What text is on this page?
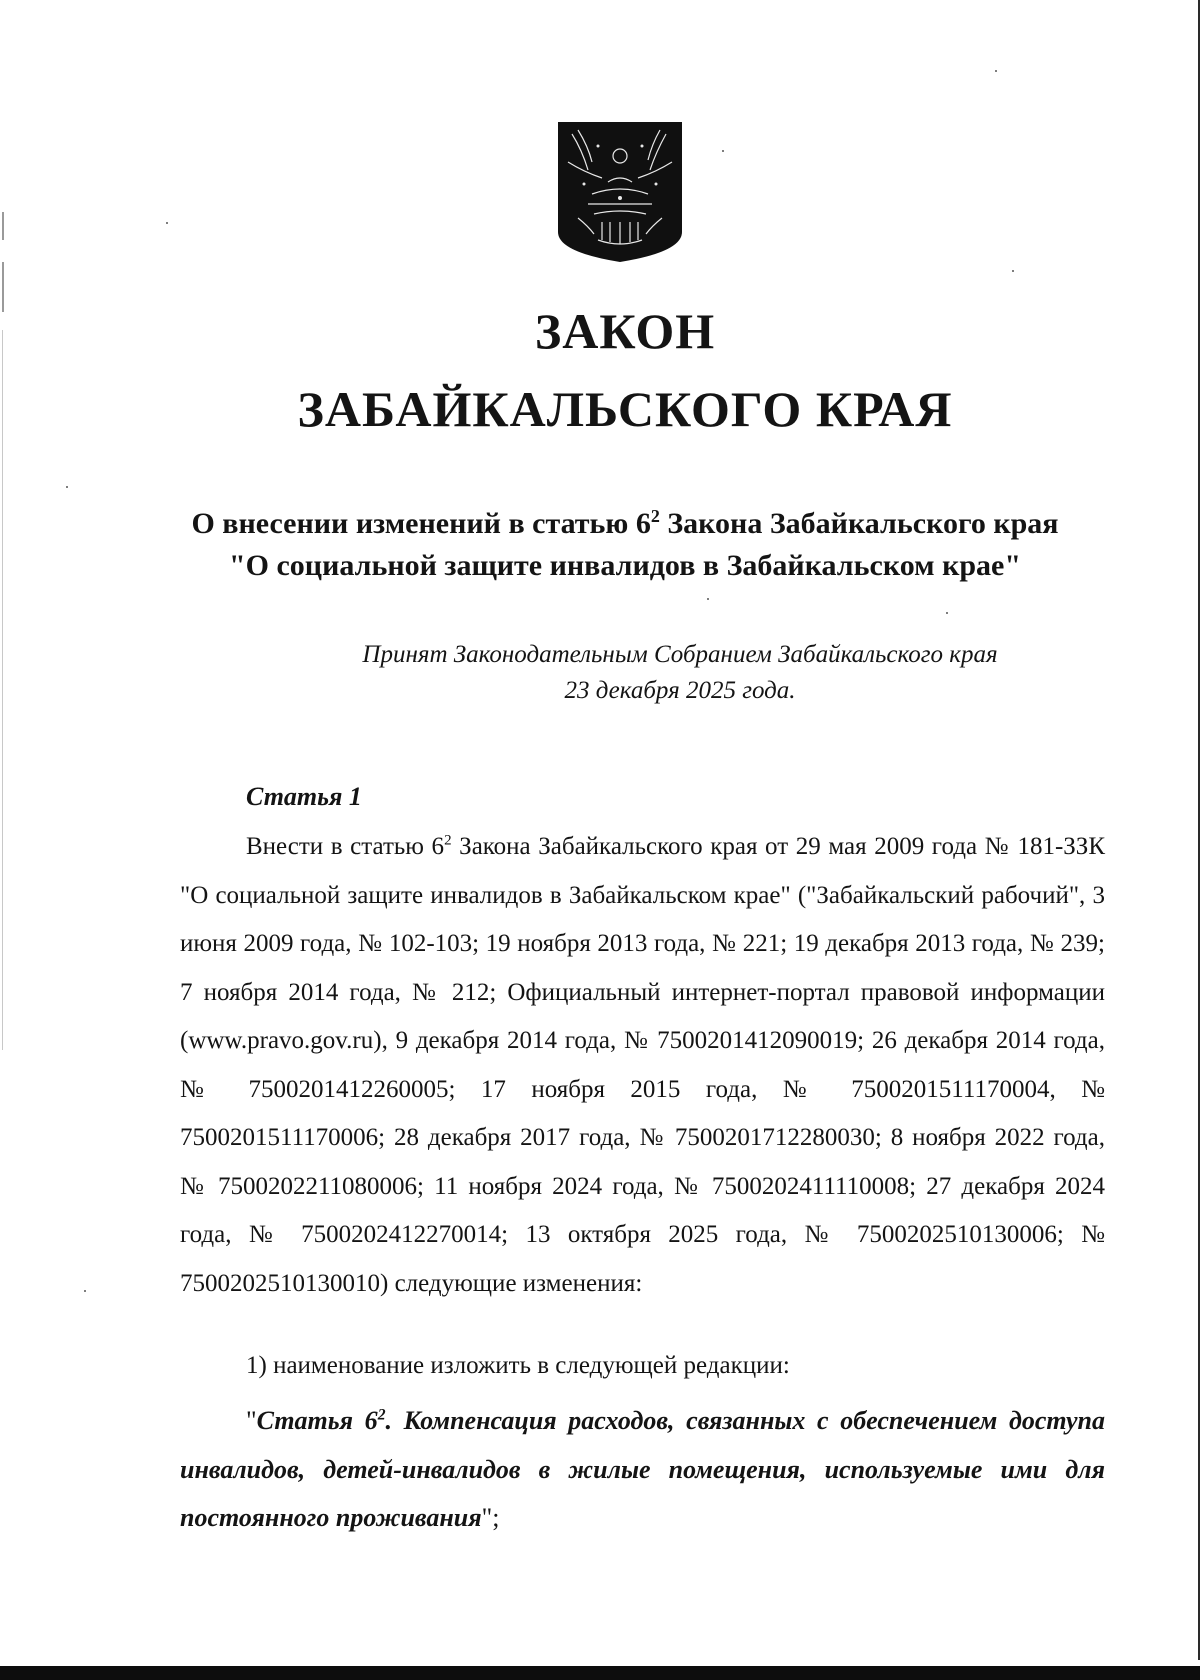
ЗАКОН
ЗАБАЙКАЛЬСКОГО КРАЯ
О внесении изменений в статью $6^2$ Закона Забайкальского края
"О социальной защите инвалидов в Забайкальском крае"
Принят Законодательным Собранием Забайкальского края
23 декабря 2025 года.
Статья 1

Внести в статью $6^2$ Закона Забайкальского края от 29 мая 2009 года № 181-ЗЗК "О социальной защите инвалидов в Забайкальском крае" ("Забайкальский рабочий", 3 июня 2009 года, № 102-103; 19 ноября 2013 года, № 221; 19 декабря 2013 года, № 239; 7 ноября 2014 года, № 212; Официальный интернет-портал правовой информации (www.pravo.gov.ru), 9 декабря 2014 года, № 7500201412090019; 26 декабря 2014 года, № 7500201412260005; 17 ноября 2015 года, № 7500201511170004, № 7500201511170006; 28 декабря 2017 года, № 7500201712280030; 8 ноября 2022 года, № 7500202211080006; 11 ноября 2024 года, № 7500202411110008; 27 декабря 2024 года, № 7500202412270014; 13 октября 2025 года, № 7500202510130006; № 7500202510130010) следующие изменения:

1) наименование изложить в следующей редакции:

"Статья $6^2$. Компенсация расходов, связанных с обеспечением доступа инвалидов, детей-инвалидов в жилые помещения, используемые ими для постоянного проживания";
